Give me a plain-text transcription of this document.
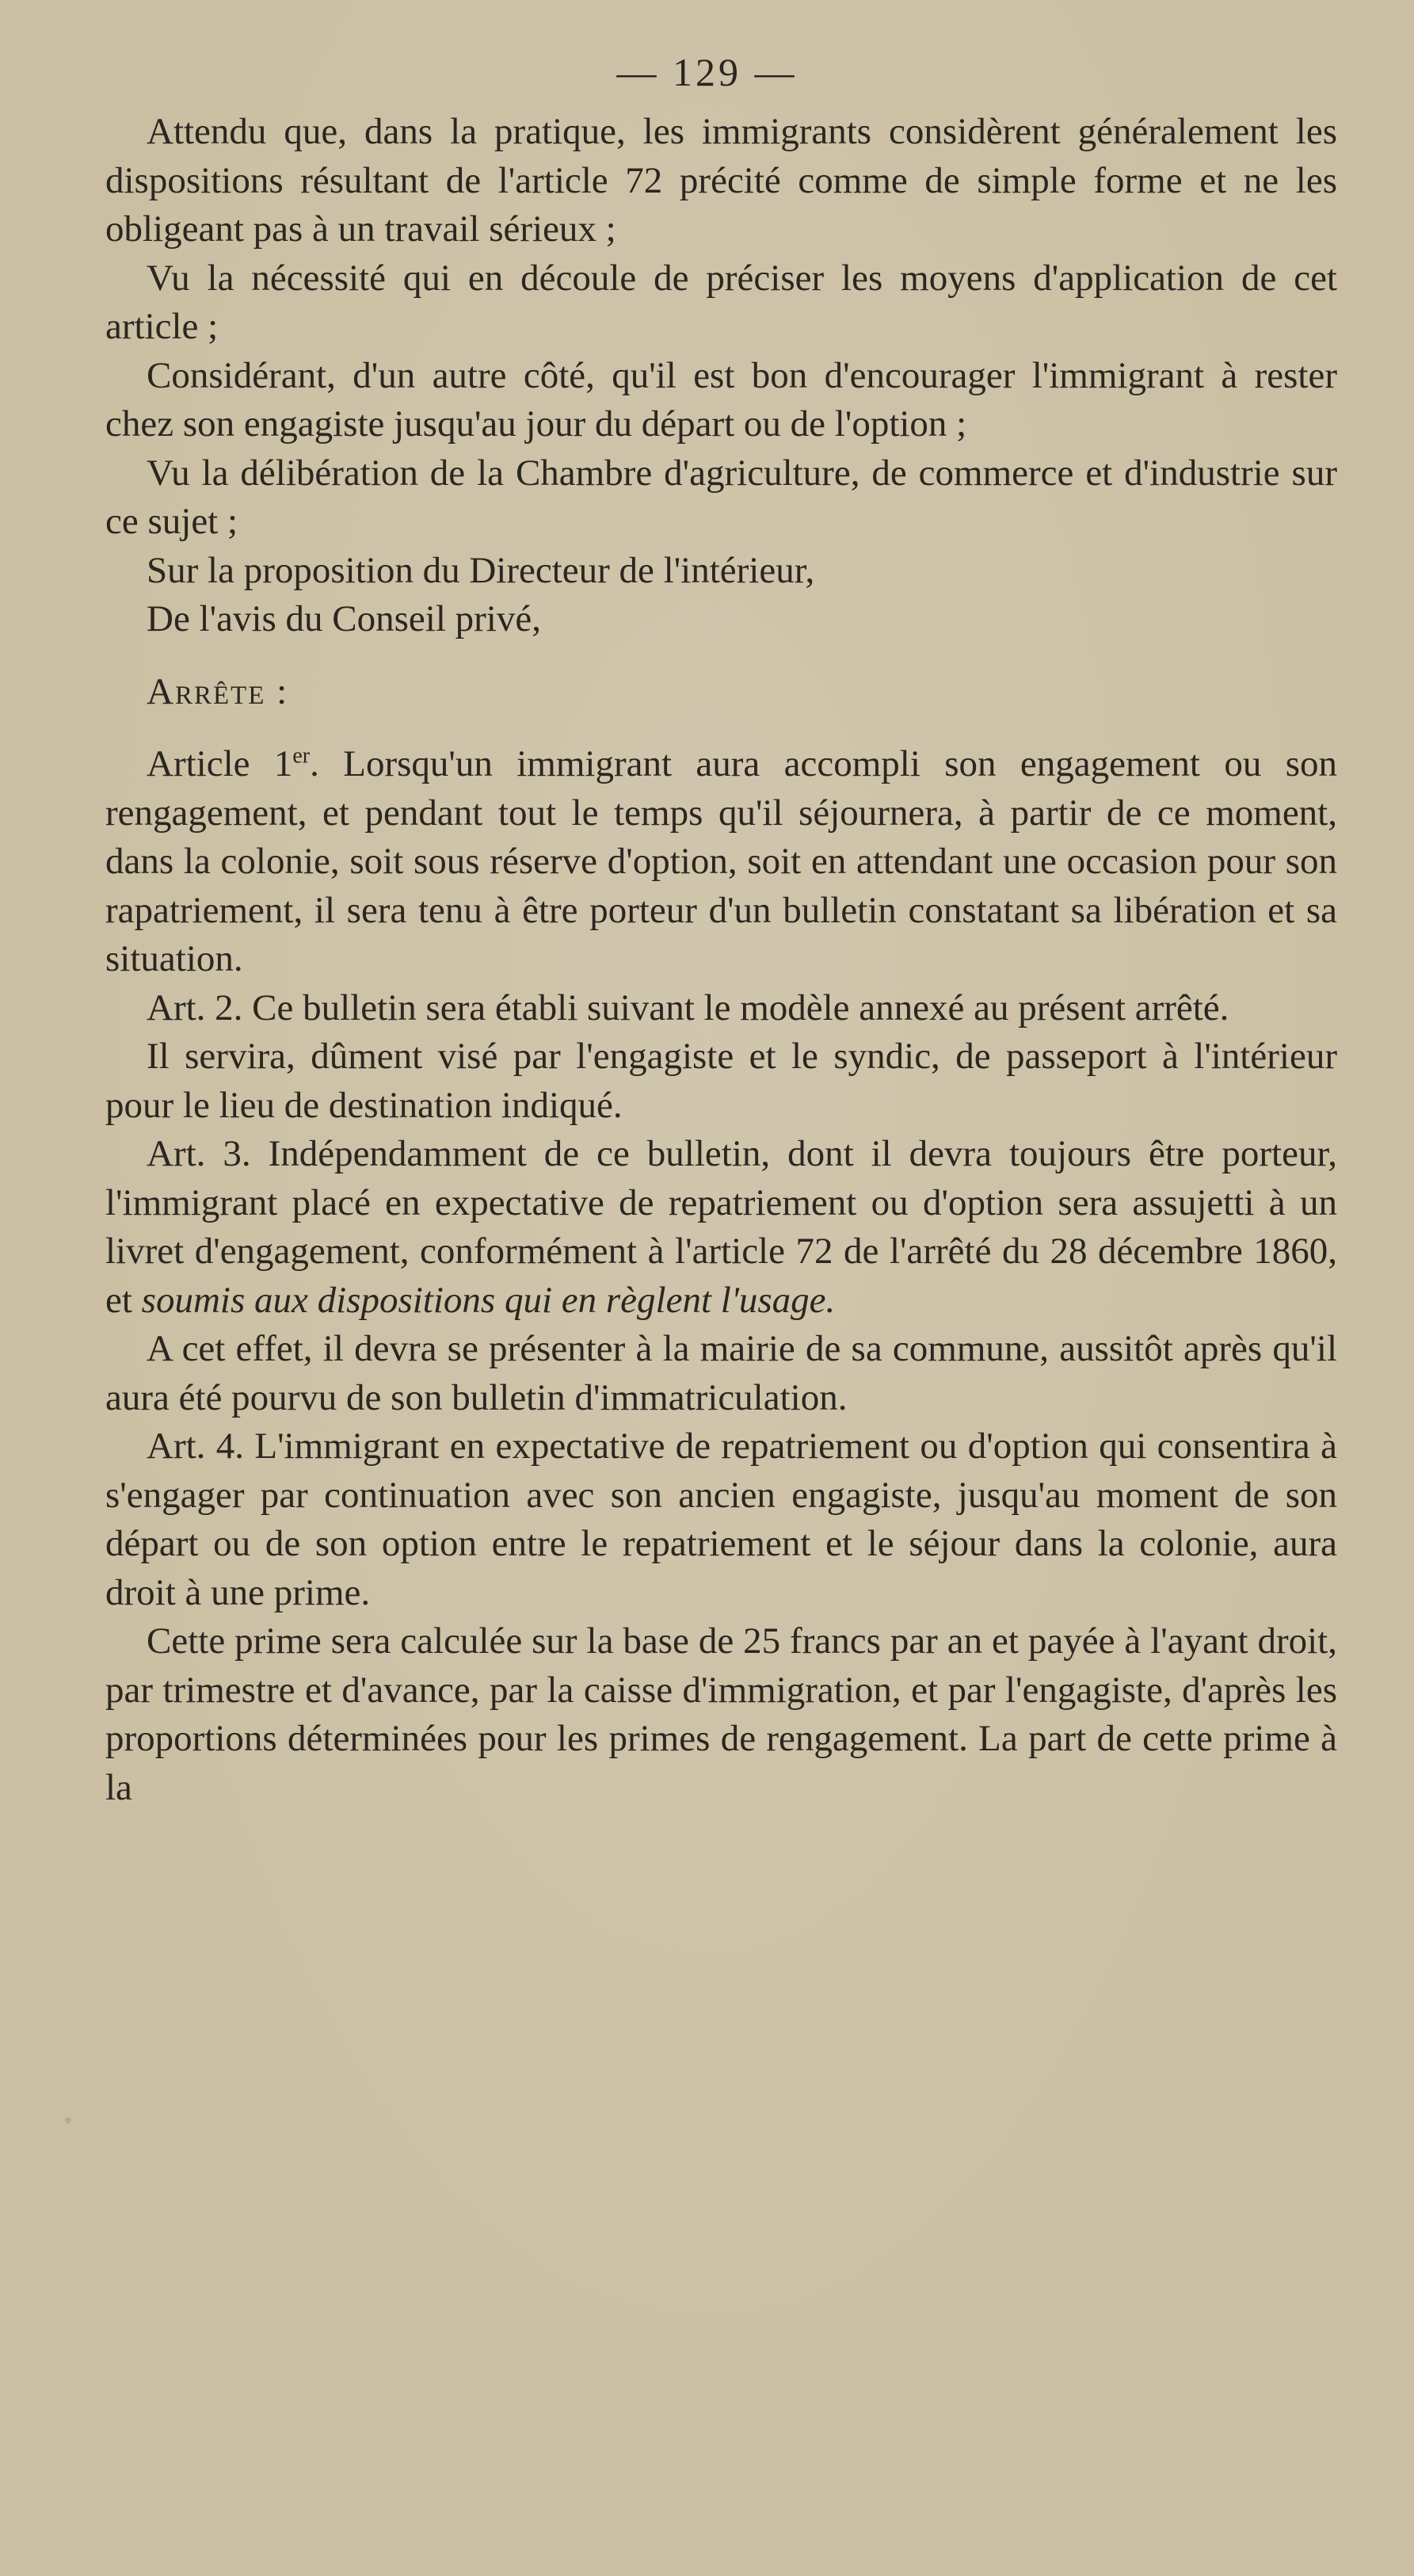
— 129 —

Attendu que, dans la pratique, les immigrants considèrent généralement les dispositions résultant de l'article 72 précité comme de simple forme et ne les obligeant pas à un travail sérieux ;

Vu la nécessité qui en découle de préciser les moyens d'application de cet article ;

Considérant, d'un autre côté, qu'il est bon d'encourager l'immigrant à rester chez son engagiste jusqu'au jour du départ ou de l'option ;

Vu la délibération de la Chambre d'agriculture, de commerce et d'industrie sur ce sujet ;

Sur la proposition du Directeur de l'intérieur,

De l'avis du Conseil privé,

Arrête :

Article 1er. Lorsqu'un immigrant aura accompli son engagement ou son rengagement, et pendant tout le temps qu'il séjournera, à partir de ce moment, dans la colonie, soit sous réserve d'option, soit en attendant une occasion pour son rapatriement, il sera tenu à être porteur d'un bulletin constatant sa libération et sa situation.

Art. 2. Ce bulletin sera établi suivant le modèle annexé au présent arrêté.

Il servira, dûment visé par l'engagiste et le syndic, de passeport à l'intérieur pour le lieu de destination indiqué.

Art. 3. Indépendamment de ce bulletin, dont il devra toujours être porteur, l'immigrant placé en expectative de repatriement ou d'option sera assujetti à un livret d'engagement, conformément à l'article 72 de l'arrêté du 28 décembre 1860, et soumis aux dispositions qui en règlent l'usage.

A cet effet, il devra se présenter à la mairie de sa commune, aussitôt après qu'il aura été pourvu de son bulletin d'immatriculation.

Art. 4. L'immigrant en expectative de repatriement ou d'option qui consentira à s'engager par continuation avec son ancien engagiste, jusqu'au moment de son départ ou de son option entre le repatriement et le séjour dans la colonie, aura droit à une prime.

Cette prime sera calculée sur la base de 25 francs par an et payée à l'ayant droit, par trimestre et d'avance, par la caisse d'immigration, et par l'engagiste, d'après les proportions déterminées pour les primes de rengagement. La part de cette prime à la
